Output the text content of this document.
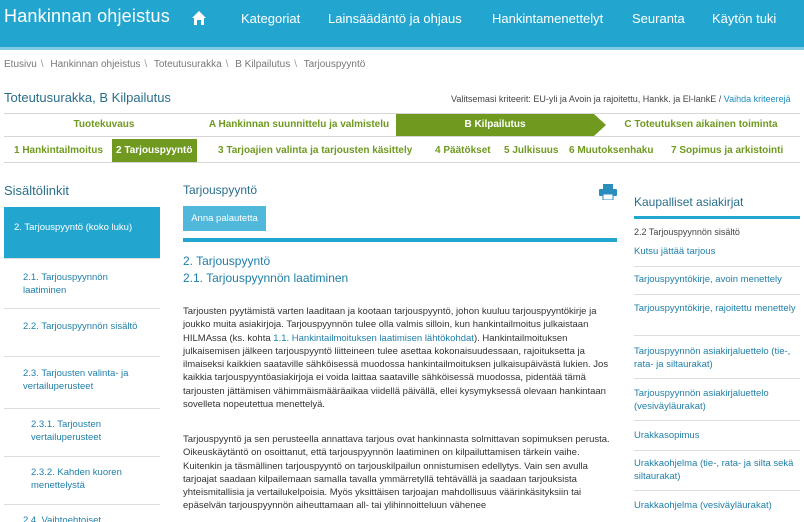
Hankinnan ohjeistus	Kategoriat Lainsäädäntö ja ohjaus Hankintamenettelyt Seuranta Käytön tuki
Etusivu \ Hankinnan ohjeistus \ Toteutusurakka \ B Kilpailutus \ Tarjouspyyntö
Toteutusurakka, B Kilpailutus	Valitsemasi kriteerit: EU-yli ja Avoin ja rajoitettu, Hankk. ja El-lankE / Vaihda kriteerejä
Tuotekuvaus	A Hankinnan suunnittelu ja valmistelu	B Kilpailutus	C Toteutuksen aikainen toiminta
1 Hankintailmoitus	2 Tarjouspyyntö	3 Tarjoajien valinta ja tarjousten käsittely 4 Päätökset 5 Julkisuus 6 Muutoksenhaku 7 Sopimus ja arkistointi
Sisältölinkit
2. Tarjouspyyntö (koko luku)
2.1. Tarjouspyynnön laatiminen
2.2. Tarjouspyynnön sisältö
2.3. Tarjousten valinta- ja vertailuperusteet
2.3.1. Tarjousten vertailuperusteet
2.3.2. Kahden kuoren menettelystä
2.4. Vaihtoehtoiset
Tarjouspyyntö
Anna palautetta
2. Tarjouspyyntö
2.1. Tarjouspyynnön laatiminen
Tarjousten pyytämistä varten laaditaan ja kootaan tarjouspyyntö, johon kuuluu tarjouspyyntökirje ja joukko muita asiakirjoja. Tarjouspyynnön tulee olla valmis silloin, kun hankintailmoitus julkaistaan HILMAssa (ks. kohta 1.1. Hankintailmoituksen laatimisen lähtökohdat). Hankintailmoituksen julkaisemisen jälkeen tarjouspyyntö liitteineen tulee asettaa kokonaisuudessaan, rajoituksetta ja ilmaiseksi kaikkien saataville sähköisessä muodossa hankintailmoituksen julkaisupäivästä lukien. Jos kaikkia tarjouspyyntöasiakirjoja ei voida laittaa saataville sähköisessä muodossa, pidentää tämä tarjousten jättämisen vähimmäismääräaikaa viidellä päivällä, ellei kysymyksessä olevaan hankintaan sovelleta nopeutettua menettelyä.
Tarjouspyyntö ja sen perusteella annattava tarjous ovat hankinnasta solmittavan sopimuksen perusta. Oikeuskäytäntö on osoittanut, että tarjouspyynnön laatiminen on kilpailuttamisen tärkein vaihe. Kuitenkin ja täsmällinen tarjouspyyntö on tarjouskilpailun onnistumisen edellytys. Vain sen avulla tarjoajat saadaan kilpailemaan samalla tavalla ymmärretyllä tehtävällä ja saadaan tarjouksista yhteismitallisia ja vertailukelpoisia. Myös yksittäisen tarjoajan mahdollisuus väärinkäsityksiin tai epäselvän tarjouspyynnön aiheuttamaan all- tai ylihinnoitteluun vähenee
Kaupalliset asiakirjat
2.2 Tarjouspyynnön sisältö
Kutsu jättää tarjous
Tarjouspyyntökirje, avoin menettely
Tarjouspyyntökirje, rajoitettu menettely
Tarjouspyynnön asiakirjaluettelo (tie-, rata- ja siltaurakat)
Tarjouspyynnön asiakirjaluettelo (vesiväyläurakat)
Urakkasopimus
Urakkaohjelma (tie-, rata- ja silta sekä siltaurakat)
Urakkaohjelma (vesiväyläurakat)
